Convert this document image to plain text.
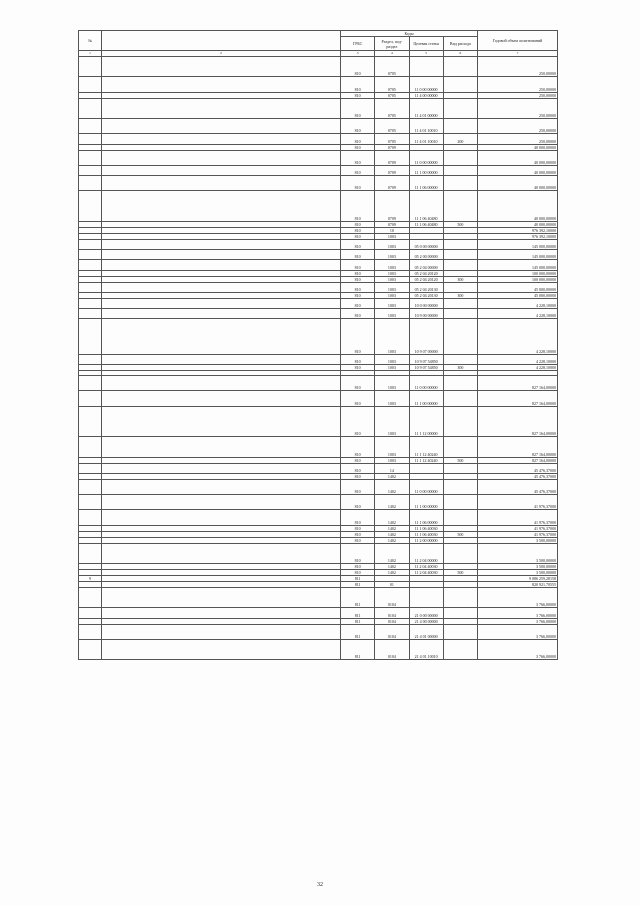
№		Коды				Годовой объем ассигнований
		ГРБС	Раздел, под- раздел	Целевая статья	Вид расхода	
1	2	3	4	5	6	7
		810	0705			250,00000
		810	0705	11 0 00 00000		250,00000
		810	0705	11 4 00 00000		250,00000
		810	0705	11 4 01 00000		250,00000
		810	0705	11 4 01 10010		250,00000
		810	0705	11 4 01 10010	200	250,00000
		810	0709			40 000,00000
		810	0709	11 0 00 00000		40 000,00000
		810	0709	11 1 00 00000		40 000,00000
		810	0709	11 1 06 00000		40 000,00000
		810	0709	11 1 06 40480		40 000,00000
		810	0709	11 1 06 40480	500	40 000,00000
		810	10			976 392,10000
		810	1003			976 392,10000
		810	1003	05 0 00 00000		145 000,00000
		810	1003	05 2 00 00000		145 000,00000
		810	1003	05 2 04 00000		145 000,00000
		810	1003	05 2 04 20120		100 000,00000
		810	1003	05 2 04 20120	300	100 000,00000
		810	1003	05 2 04 20130		45 000,00000
		810	1003	05 2 04 20130	300	45 000,00000
		810	1003	10 0 00 00000		4 228,10000
		810	1003	10 9 00 00000		4 228,10000
		810	1003	10 9 07 00000		4 228,10000
		810	1003	10 9 07 54850		4 228,10000
		810	1003	10 9 07 54850	300	4 228,10000

		810	1003	11 0 00 00000		827 164,00000
		810	1003	11 1 00 00000		827 164,00000
		810	1003	11 1 12 00000		827 164,00000
		810	1003	11 1 12 40240		827 164,00000
		810	1003	11 1 12 40240	500	827 164,00000
		810	14			45 476,37000
		810	1402			45 476,37000
		810	1402	11 0 00 00000		45 476,37000
		810	1402	11 1 00 00000		41 976,37000
		810	1402	11 1 06 00000		41 976,37000
		810	1402	11 1 06 40030		41 976,37000
		810	1402	11 1 06 40030	500	41 976,37000
		810	1402	11 2 00 00000		3 500,00000
		810	1402	11 2 04 00000		3 500,00000
		810	1402	11 2 04 40030		3 500,00000
		810	1402	11 2 04 40030	500	3 500,00000
9		811				9 086 259,28158
		811	01			820 921,70555
		811	0104			3 766,00000
		811	0104	21 0 00 00000		3 766,00000
		811	0104	21 4 00 00000		3 766,00000
		811	0104	21 4 01 00000		3 766,00000
		811	0104	21 4 01 10010		3 766,00000
32
